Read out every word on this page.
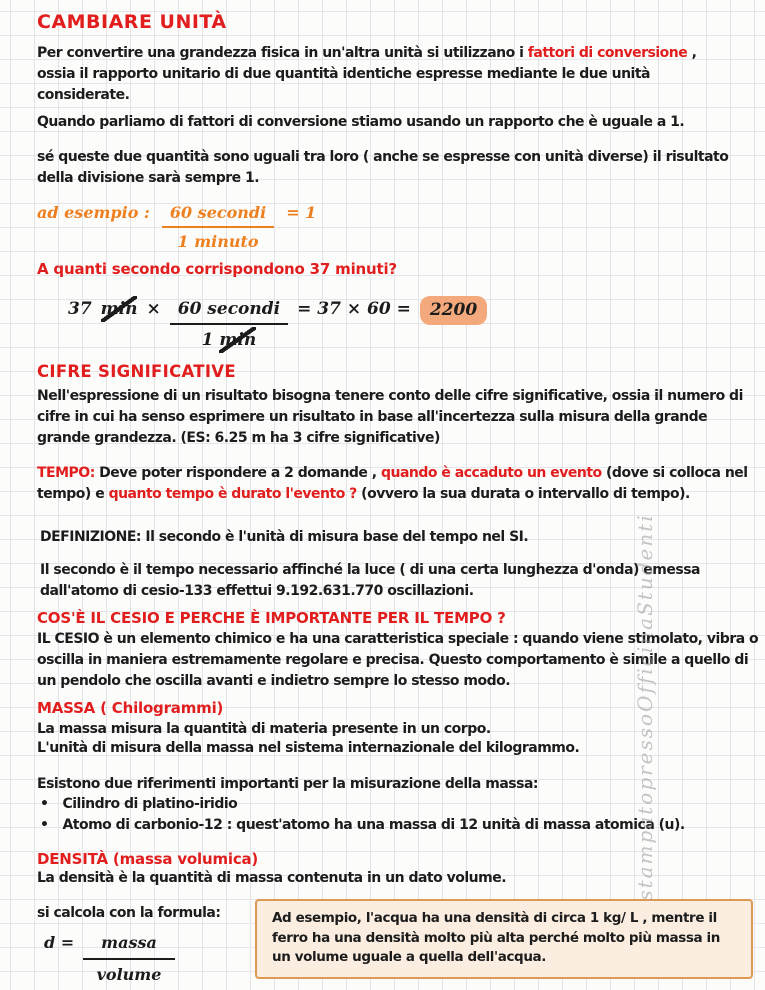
CAMBIARE UNITÀ

Per convertire una grandezza fisica in un'altra unità si utilizzano i fattori di conversione , ossia il rapporto unitario di due quantità identiche espresse mediante le due unità considerate.

Quando parliamo di fattori di conversione stiamo usando un rapporto che è uguale a 1.

sé queste due quantità sono uguali tra loro ( anche se espresse con unità diverse) il risultato della divisione sarà sempre 1.

ad esempio : $\frac{\text{60 secondi}}{\text{1 minuto}} = 1$
A quanti secondo corrispondono 37 minuti?
37 $\min \times \frac{\text{60 secondi}}{1 \min} = 37 \times 60$ =	2200
CIFRE SIGNIFICATIVE

Nell'espressione di un risultato bisogna tenere conto delle cifre significative, ossia il numero di cifre in cui ha senso esprimere un risultato in base all'incertezza sulla misura della grande grande grandezza. (ES: 6.25 m ha 3 cifre significative)

TEMPO: Deve poter rispondere a 2 domande , quando è accaduto un evento (dove si colloca nel tempo) e quanto tempo è durato l'evento ? (ovvero la sua durata o intervallo di tempo).

DEFINIZIONE: Il secondo è l'unità di misura base del tempo nel SI.

Il secondo è il tempo necessario affinché la luce ( di una certa lunghezza d'onda) emessa dall'atomo di cesio-133 effettui 9.192.631.770 oscillazioni.

COS'È IL CESIO E PERCHE È IMPORTANTE PER IL TEMPO ?

IL CESIO è un elemento chimico e ha una caratteristica speciale : quando viene stimolato, vibra o oscilla in maniera estremamente regolare e precisa. Questo comportamento è simile a quello di un pendolo che oscilla avanti e indietro sempre lo stesso modo.

MASSA ( Chilogrammi)

La massa misura la quantità di materia presente in un corpo.

L'unità di misura della massa nel sistema internazionale del kilogrammo.

Esistono due riferimenti importanti per la misurazione della massa:

• Cilindro di platino-iridio
• Atomo di carbonio-12 : quest'atomo ha una massa di 12 unità di massa atomica (u).
DENSITÀ (massa volumica)

La densità è la quantità di massa contenuta in un dato volume.

si calcola con la formula:

$d = \frac{\text{massa}}{\text{volume}}$
Ad esempio, l'acqua ha una densità di circa 1 kg/ L , mentre il ferro ha una densità molto più alta perché molto più massa in un volume uguale a quella dell'acqua.
stampatopressoOfficinaStudenti
